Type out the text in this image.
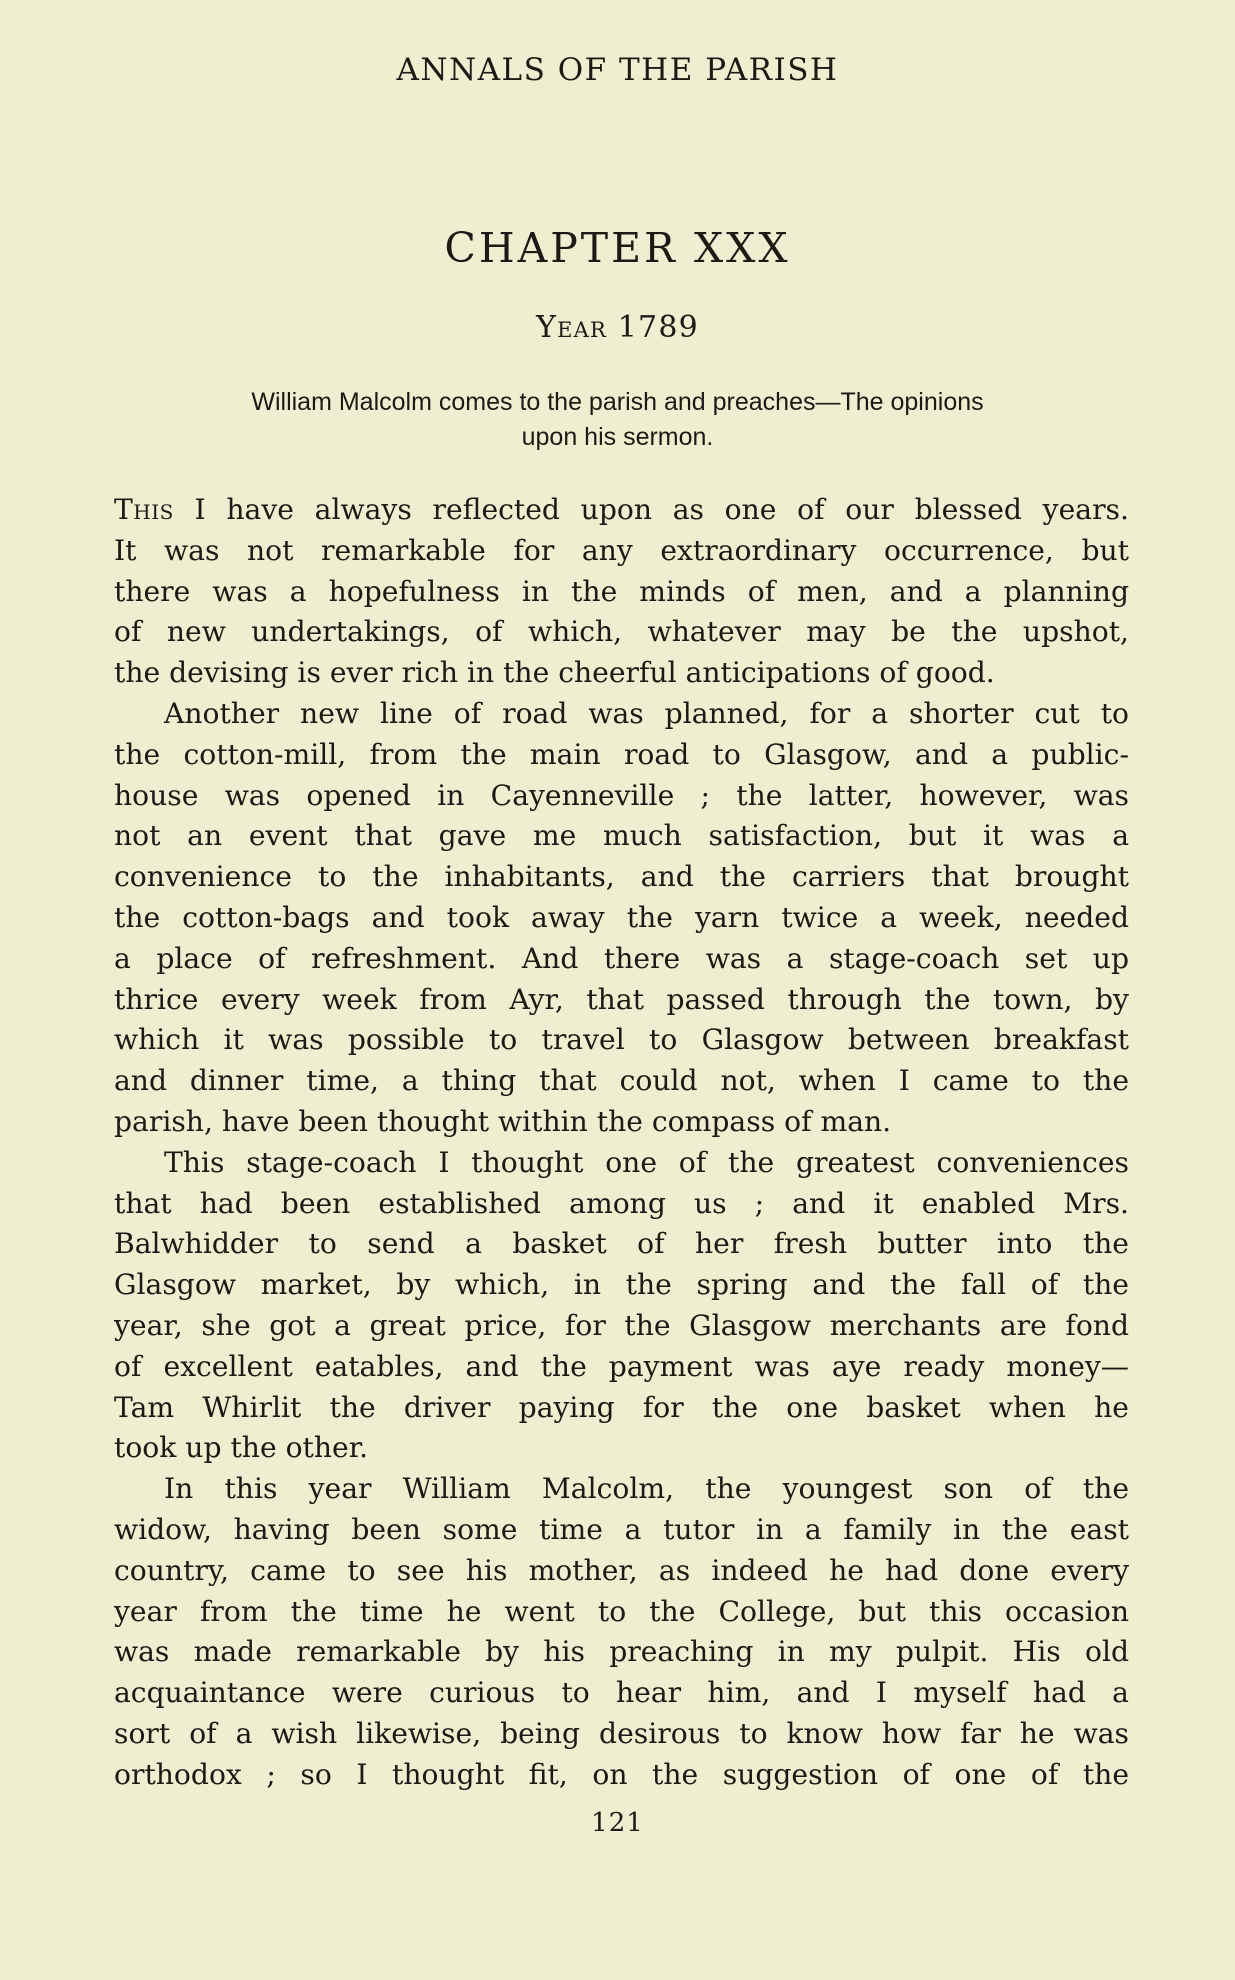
ANNALS OF THE PARISH
CHAPTER XXX
Year 1789
William Malcolm comes to the parish and preaches—The opinions
upon his sermon.
This I have always reflected upon as one of our blessed years.
It was not remarkable for any extraordinary occurrence, but
there was a hopefulness in the minds of men, and a planning
of new undertakings, of which, whatever may be the upshot,
the devising is ever rich in the cheerful anticipations of good.
Another new line of road was planned, for a shorter cut to
the cotton-mill, from the main road to Glasgow, and a public-
house was opened in Cayenneville ; the latter, however, was
not an event that gave me much satisfaction, but it was a
convenience to the inhabitants, and the carriers that brought
the cotton-bags and took away the yarn twice a week, needed
a place of refreshment. And there was a stage-coach set up
thrice every week from Ayr, that passed through the town, by
which it was possible to travel to Glasgow between breakfast
and dinner time, a thing that could not, when I came to the
parish, have been thought within the compass of man.
This stage-coach I thought one of the greatest conveniences
that had been established among us ; and it enabled Mrs.
Balwhidder to send a basket of her fresh butter into the
Glasgow market, by which, in the spring and the fall of the
year, she got a great price, for the Glasgow merchants are fond
of excellent eatables, and the payment was aye ready money—
Tam Whirlit the driver paying for the one basket when he
took up the other.
In this year William Malcolm, the youngest son of the
widow, having been some time a tutor in a family in the east
country, came to see his mother, as indeed he had done every
year from the time he went to the College, but this occasion
was made remarkable by his preaching in my pulpit. His old
acquaintance were curious to hear him, and I myself had a
sort of a wish likewise, being desirous to know how far he was
orthodox ; so I thought fit, on the suggestion of one of the
121
